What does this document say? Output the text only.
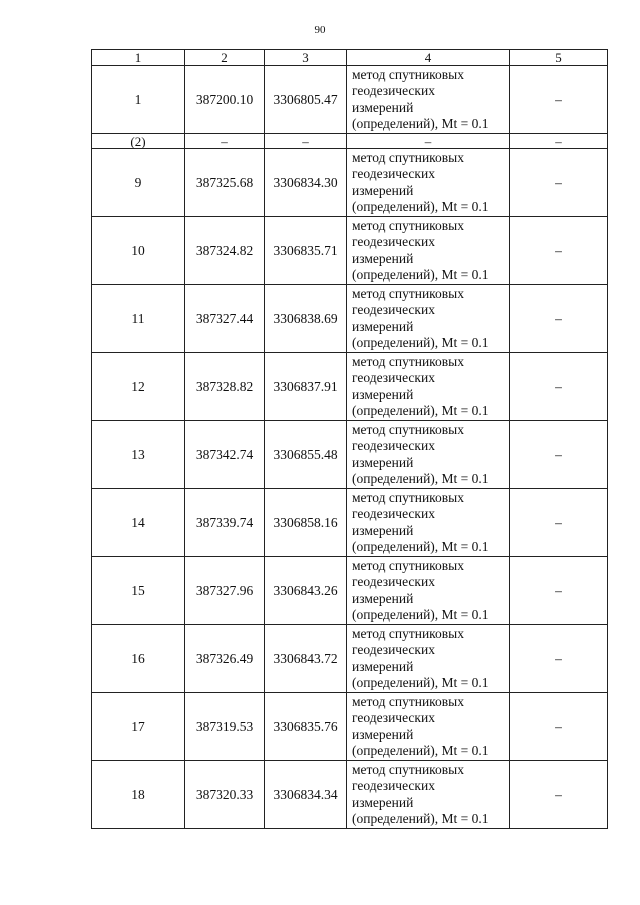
90
1	2	3	4	5
1	387200.10	3306805.47	метод спутниковых
геодезических
измерений
(определений), Mt = 0.1	–
(2)	–	–	–	–
9	387325.68	3306834.30	метод спутниковых
геодезических
измерений
(определений), Mt = 0.1	–
10	387324.82	3306835.71	метод спутниковых
геодезических
измерений
(определений), Mt = 0.1	–
11	387327.44	3306838.69	метод спутниковых
геодезических
измерений
(определений), Mt = 0.1	–
12	387328.82	3306837.91	метод спутниковых
геодезических
измерений
(определений), Mt = 0.1	–
13	387342.74	3306855.48	метод спутниковых
геодезических
измерений
(определений), Mt = 0.1	–
14	387339.74	3306858.16	метод спутниковых
геодезических
измерений
(определений), Mt = 0.1	–
15	387327.96	3306843.26	метод спутниковых
геодезических
измерений
(определений), Mt = 0.1	–
16	387326.49	3306843.72	метод спутниковых
геодезических
измерений
(определений), Mt = 0.1	–
17	387319.53	3306835.76	метод спутниковых
геодезических
измерений
(определений), Mt = 0.1	–
18	387320.33	3306834.34	метод спутниковых
геодезических
измерений
(определений), Mt = 0.1	–
